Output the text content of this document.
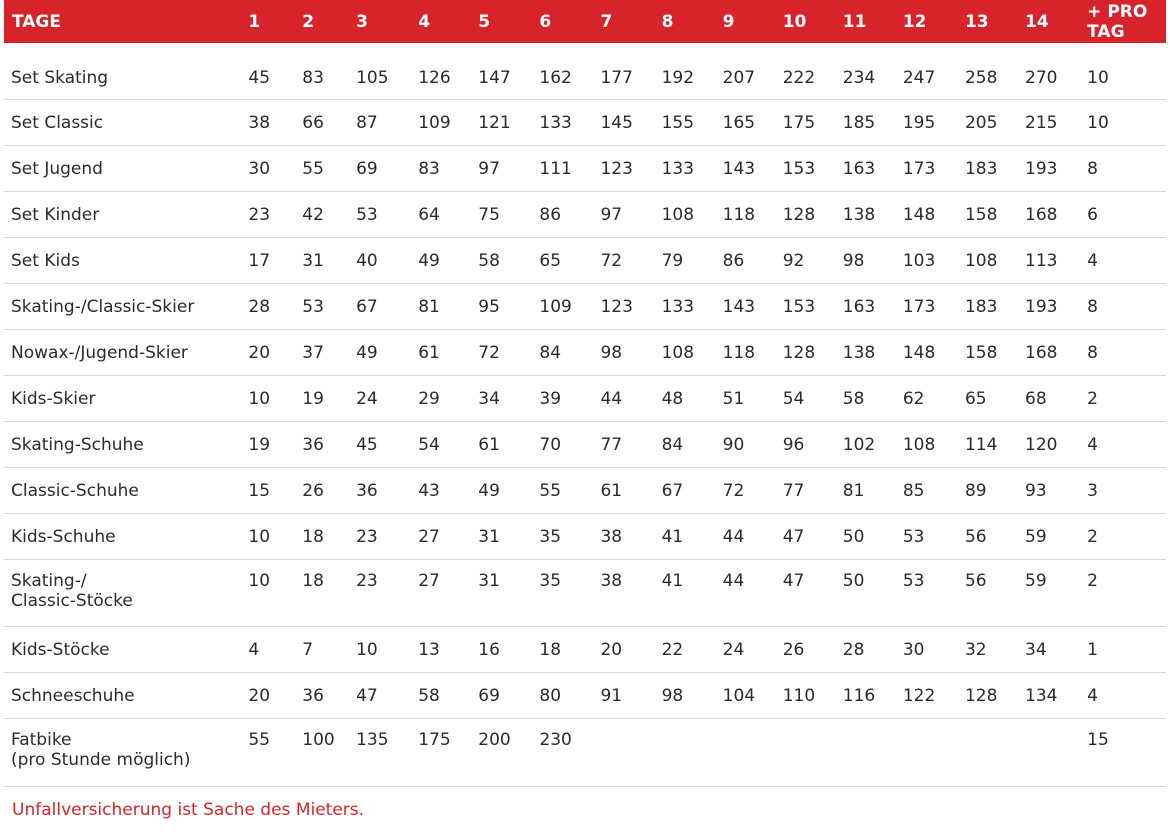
TAGE	1	2	3	4	5	6	7	8	9	10	11	12	13	14	+ PRO TAG

Set Skating	45	83	105	126	147	162	177	192	207	222	234	247	258	270	10

Set Classic	38	66	87	109	121	133	145	155	165	175	185	195	205	215	10

Set Jugend	30	55	69	83	97	111	123	133	143	153	163	173	183	193	8

Set Kinder	23	42	53	64	75	86	97	108	118	128	138	148	158	168	6

Set Kids	17	31	40	49	58	65	72	79	86	92	98	103	108	113	4

Skating-/Classic-Skier	28	53	67	81	95	109	123	133	143	153	163	173	183	193	8

Nowax-/Jugend-Skier	20	37	49	61	72	84	98	108	118	128	138	148	158	168	8

Kids-Skier	10	19	24	29	34	39	44	48	51	54	58	62	65	68	2

Skating-Schuhe	19	36	45	54	61	70	77	84	90	96	102	108	114	120	4

Classic-Schuhe	15	26	36	43	49	55	61	67	72	77	81	85	89	93	3

Kids-Schuhe	10	18	23	27	31	35	38	41	44	47	50	53	56	59	2

Skating-/
Classic-Stöcke	10	18	23	27	31	35	38	41	44	47	50	53	56	59	2

Kids-Stöcke	4	7	10	13	16	18	20	22	24	26	28	30	32	34	1

Schneeschuhe	20	36	47	58	69	80	91	98	104	110	116	122	128	134	4

Fatbike
(pro Stunde möglich)	55	100	135	175	200	230									15
Unfallversicherung ist Sache des Mieters.
